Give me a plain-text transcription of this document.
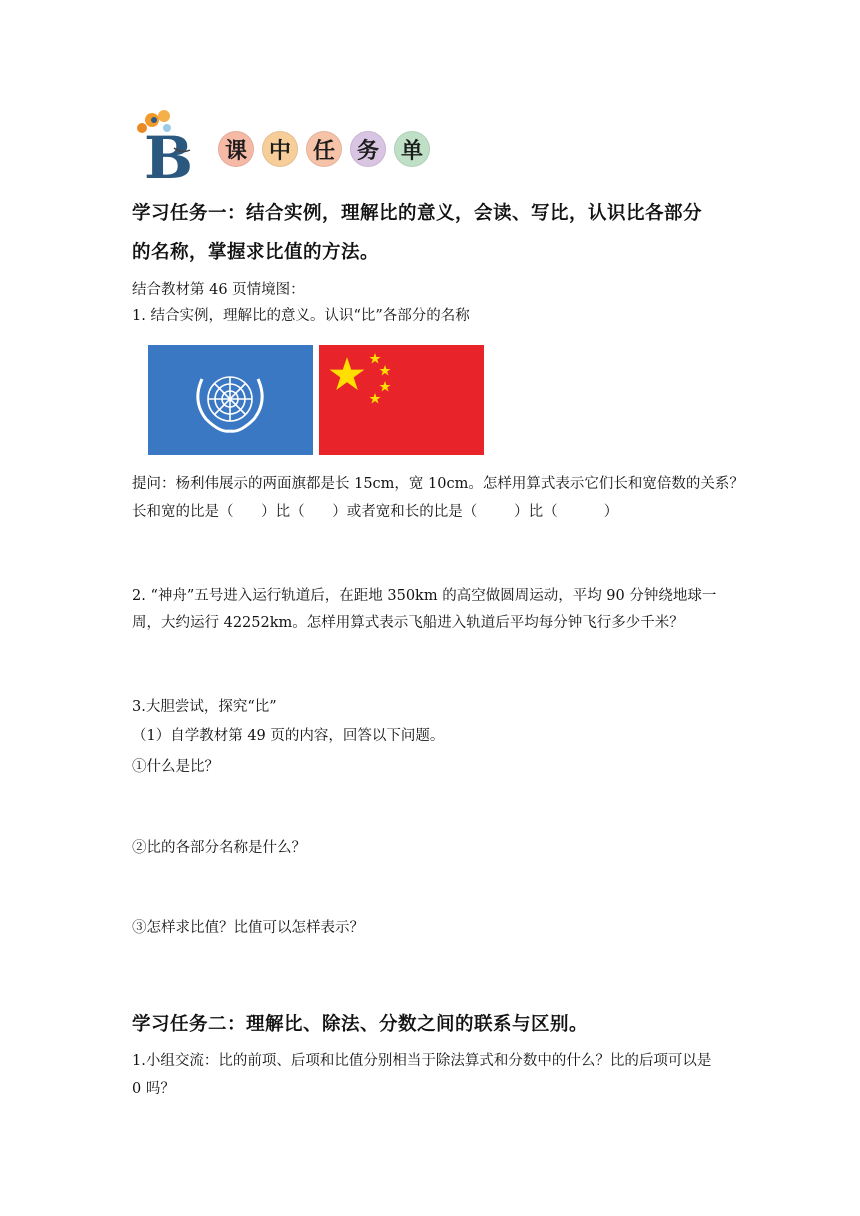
B	课 中 任 务 单
学习任务一：结合实例，理解比的意义，会读、写比，认识比各部分
的名称，掌握求比值的方法。
结合教材第 46 页情境图：
1. 结合实例，理解比的意义。认识“比”各部分的名称
提问：杨利伟展示的两面旗都是长 15cm，宽 10cm。怎样用算式表示它们长和宽倍数的关系？
长和宽的比是（      ）比（      ）或者宽和长的比是（        ）比（          ）
2. “神舟”五号进入运行轨道后，在距地 350km 的高空做圆周运动，平均 90 分钟绕地球一
周，大约运行 42252km。怎样用算式表示飞船进入轨道后平均每分钟飞行多少千米？
3.大胆尝试，探究“比”
（1）自学教材第 49 页的内容，回答以下问题。
①什么是比？
②比的各部分名称是什么？
③怎样求比值？比值可以怎样表示？
学习任务二：理解比、除法、分数之间的联系与区别。
1.小组交流：比的前项、后项和比值分别相当于除法算式和分数中的什么？比的后项可以是
0 吗？
